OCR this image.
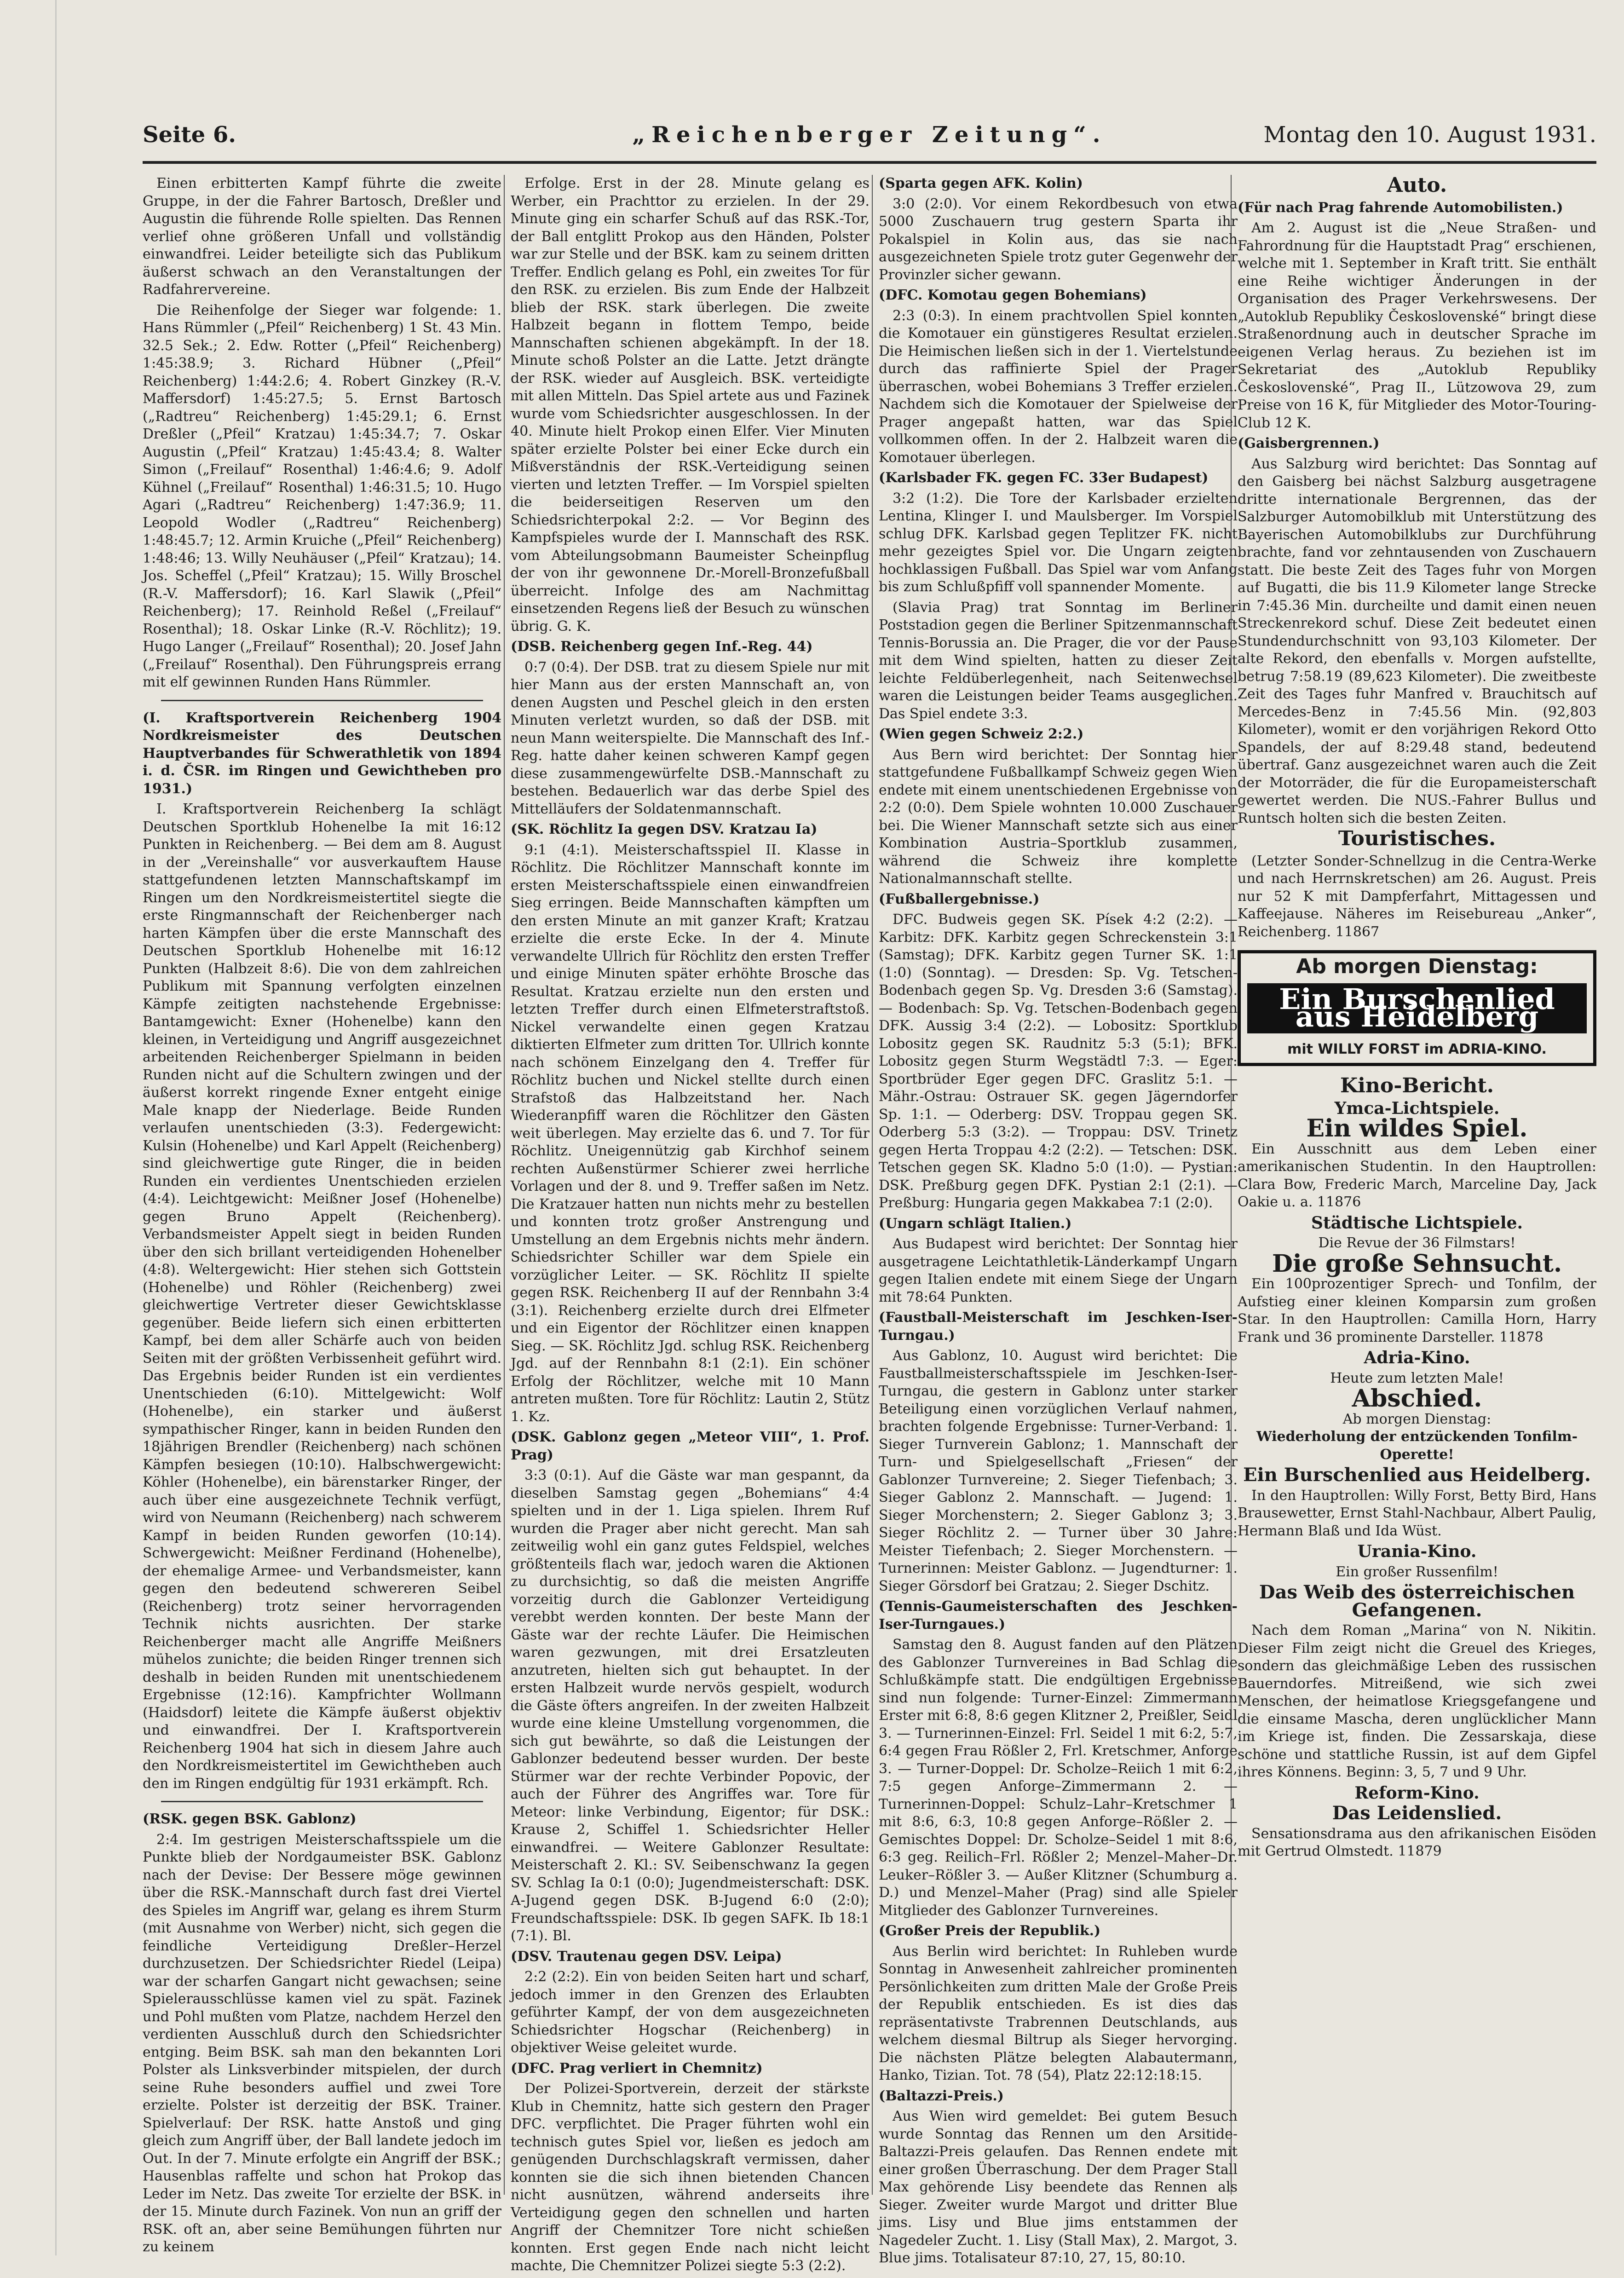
Seite 6.	„Reichenberger Zeitung“.	Montag den 10. August 1931.

Einen erbitterten Kampf führte die zweite Gruppe, in der die Fahrer Bartosch, Dreßler und Augustin die führende Rolle spielten. Das Rennen verlief ohne größeren Unfall und vollständig einwandfrei. Leider beteiligte sich das Publikum äußerst schwach an den Veranstaltungen der Radfahrervereine.

Die Reihenfolge der Sieger war folgende: 1. Hans Rümmler („Pfeil“ Reichenberg) 1 St. 43 Min. 32.5 Sek.; 2. Edw. Rotter („Pfeil“ Reichenberg) 1:45:38.9; 3. Richard Hübner („Pfeil“ Reichenberg) 1:44:2.6; 4. Robert Ginzkey (R.-V. Maffersdorf) 1:45:27.5; 5. Ernst Bartosch („Radtreu“ Reichenberg) 1:45:29.1; 6. Ernst Dreßler („Pfeil“ Kratzau) 1:45:34.7; 7. Oskar Augustin („Pfeil“ Kratzau) 1:45:43.4; 8. Walter Simon („Freilauf“ Rosenthal) 1:46:4.6; 9. Adolf Kühnel („Freilauf“ Rosenthal) 1:46:31.5; 10. Hugo Agari („Radtreu“ Reichenberg) 1:47:36.9; 11. Leopold Wodler („Radtreu“ Reichenberg) 1:48:45.7; 12. Armin Kruiche („Pfeil“ Reichenberg) 1:48:46; 13. Willy Neuhäuser („Pfeil“ Kratzau); 14. Jos. Scheffel („Pfeil“ Kratzau); 15. Willy Broschel (R.-V. Maffersdorf); 16. Karl Slawik („Pfeil“ Reichenberg); 17. Reinhold Reßel („Freilauf“ Rosenthal); 18. Oskar Linke (R.-V. Röchlitz); 19. Hugo Langer („Freilauf“ Rosenthal); 20. Josef Jahn („Freilauf“ Rosenthal). Den Führungspreis errang mit elf gewinnen Runden Hans Rümmler.

(I. Kraftsportverein Reichenberg 1904 Nordkreismeister des Deutschen Hauptverbandes für Schwerathletik von 1894 i. d. ČSR. im Ringen und Gewichtheben pro 1931.)

I. Kraftsportverein Reichenberg Ia schlägt Deutschen Sportklub Hohenelbe Ia mit 16:12 Punkten in Reichenberg. — Bei dem am 8. August in der „Vereinshalle“ vor ausverkauftem Hause stattgefundenen letzten Mannschaftskampf im Ringen um den Nordkreismeistertitel siegte die erste Ringmannschaft der Reichenberger nach harten Kämpfen über die erste Mannschaft des Deutschen Sportklub Hohenelbe mit 16:12 Punkten (Halbzeit 8:6). Die von dem zahlreichen Publikum mit Spannung verfolgten einzelnen Kämpfe zeitigten nachstehende Ergebnisse: Bantamgewicht: Exner (Hohenelbe) kann den kleinen, in Verteidigung und Angriff ausgezeichnet arbeitenden Reichenberger Spielmann in beiden Runden nicht auf die Schultern zwingen und der äußerst korrekt ringende Exner entgeht einige Male knapp der Niederlage. Beide Runden verlaufen unentschieden (3:3). Federgewicht: Kulsin (Hohenelbe) und Karl Appelt (Reichenberg) sind gleichwertige gute Ringer, die in beiden Runden ein verdientes Unentschieden erzielen (4:4). Leichtgewicht: Meißner Josef (Hohenelbe) gegen Bruno Appelt (Reichenberg). Verbandsmeister Appelt siegt in beiden Runden über den sich brillant verteidigenden Hohenelber (4:8). Weltergewicht: Hier stehen sich Gottstein (Hohenelbe) und Röhler (Reichenberg) zwei gleichwertige Vertreter dieser Gewichtsklasse gegenüber. Beide liefern sich einen erbitterten Kampf, bei dem aller Schärfe auch von beiden Seiten mit der größten Verbissenheit geführt wird. Das Ergebnis beider Runden ist ein verdientes Unentschieden (6:10). Mittelgewicht: Wolf (Hohenelbe), ein starker und äußerst sympathischer Ringer, kann in beiden Runden den 18jährigen Brendler (Reichenberg) nach schönen Kämpfen besiegen (10:10). Halbschwergewicht: Köhler (Hohenelbe), ein bärenstarker Ringer, der auch über eine ausgezeichnete Technik verfügt, wird von Neumann (Reichenberg) nach schwerem Kampf in beiden Runden geworfen (10:14). Schwergewicht: Meißner Ferdinand (Hohenelbe), der ehemalige Armee- und Verbandsmeister, kann gegen den bedeutend schwereren Seibel (Reichenberg) trotz seiner hervorragenden Technik nichts ausrichten. Der starke Reichenberger macht alle Angriffe Meißners mühelos zunichte; die beiden Ringer trennen sich deshalb in beiden Runden mit unentschiedenem Ergebnisse (12:16). Kampfrichter Wollmann (Haidsdorf) leitete die Kämpfe äußerst objektiv und einwandfrei. Der I. Kraftsportverein Reichenberg 1904 hat sich in diesem Jahre auch den Nordkreismeistertitel im Gewichtheben auch den im Ringen endgültig für 1931 erkämpft. Rch.

(RSK. gegen BSK. Gablonz)

2:4. Im gestrigen Meisterschaftsspiele um die Punkte blieb der Nordgaumeister BSK. Gablonz nach der Devise: Der Bessere möge gewinnen über die RSK.-Mannschaft durch fast drei Viertel des Spieles im Angriff war, gelang es ihrem Sturm (mit Ausnahme von Werber) nicht, sich gegen die feindliche Verteidigung Dreßler–Herzel durchzusetzen. Der Schiedsrichter Riedel (Leipa) war der scharfen Gangart nicht gewachsen; seine Spielerausschlüsse kamen viel zu spät. Fazinek und Pohl mußten vom Platze, nachdem Herzel den verdienten Ausschluß durch den Schiedsrichter entging. Beim BSK. sah man den bekannten Lori Polster als Linksverbinder mitspielen, der durch seine Ruhe besonders auffiel und zwei Tore erzielte. Polster ist derzeitig der BSK. Trainer. Spielverlauf: Der RSK. hatte Anstoß und ging gleich zum Angriff über, der Ball landete jedoch im Out. In der 7. Minute erfolgte ein Angriff der BSK.; Hausenblas raffelte und schon hat Prokop das Leder im Netz. Das zweite Tor erzielte der BSK. in der 15. Minute durch Fazinek. Von nun an griff der RSK. oft an, aber seine Bemühungen führten nur zu keinem

Erfolge. Erst in der 28. Minute gelang es Werber, ein Prachttor zu erzielen. In der 29. Minute ging ein scharfer Schuß auf das RSK.-Tor, der Ball entglitt Prokop aus den Händen, Polster war zur Stelle und der BSK. kam zu seinem dritten Treffer. Endlich gelang es Pohl, ein zweites Tor für den RSK. zu erzielen. Bis zum Ende der Halbzeit blieb der RSK. stark überlegen. Die zweite Halbzeit begann in flottem Tempo, beide Mannschaften schienen abgekämpft. In der 18. Minute schoß Polster an die Latte. Jetzt drängte der RSK. wieder auf Ausgleich. BSK. verteidigte mit allen Mitteln. Das Spiel artete aus und Fazinek wurde vom Schiedsrichter ausgeschlossen. In der 40. Minute hielt Prokop einen Elfer. Vier Minuten später erzielte Polster bei einer Ecke durch ein Mißverständnis der RSK.-Verteidigung seinen vierten und letzten Treffer. — Im Vorspiel spielten die beiderseitigen Reserven um den Schiedsrichterpokal 2:2. — Vor Beginn des Kampfspieles wurde der I. Mannschaft des RSK. vom Abteilungsobmann Baumeister Scheinpflug der von ihr gewonnene Dr.-Morell-Bronzefußball überreicht. Infolge des am Nachmittag einsetzenden Regens ließ der Besuch zu wünschen übrig. G. K.

(DSB. Reichenberg gegen Inf.-Reg. 44)

0:7 (0:4). Der DSB. trat zu diesem Spiele nur mit hier Mann aus der ersten Mannschaft an, von denen Augsten und Peschel gleich in den ersten Minuten verletzt wurden, so daß der DSB. mit neun Mann weiterspielte. Die Mannschaft des Inf.-Reg. hatte daher keinen schweren Kampf gegen diese zusammengewürfelte DSB.-Mannschaft zu bestehen. Bedauerlich war das derbe Spiel des Mittelläufers der Soldatenmannschaft.

(SK. Röchlitz Ia gegen DSV. Kratzau Ia)

9:1 (4:1). Meisterschaftsspiel II. Klasse in Röchlitz. Die Röchlitzer Mannschaft konnte im ersten Meisterschaftsspiele einen einwandfreien Sieg erringen. Beide Mannschaften kämpften um den ersten Minute an mit ganzer Kraft; Kratzau erzielte die erste Ecke. In der 4. Minute verwandelte Ullrich für Röchlitz den ersten Treffer und einige Minuten später erhöhte Brosche das Resultat. Kratzau erzielte nun den ersten und letzten Treffer durch einen Elfmeterstraftstoß. Nickel verwandelte einen gegen Kratzau diktierten Elfmeter zum dritten Tor. Ullrich konnte nach schönem Einzelgang den 4. Treffer für Röchlitz buchen und Nickel stellte durch einen Strafstoß das Halbzeitstand her. Nach Wiederanpfiff waren die Röchlitzer den Gästen weit überlegen. May erzielte das 6. und 7. Tor für Röchlitz. Uneigennützig gab Kirchhof seinem rechten Außenstürmer Schierer zwei herrliche Vorlagen und der 8. und 9. Treffer saßen im Netz. Die Kratzauer hatten nun nichts mehr zu bestellen und konnten trotz großer Anstrengung und Umstellung an dem Ergebnis nichts mehr ändern. Schiedsrichter Schiller war dem Spiele ein vorzüglicher Leiter. — SK. Röchlitz II spielte gegen RSK. Reichenberg II auf der Rennbahn 3:4 (3:1). Reichenberg erzielte durch drei Elfmeter und ein Eigentor der Röchlitzer einen knappen Sieg. — SK. Röchlitz Jgd. schlug RSK. Reichenberg Jgd. auf der Rennbahn 8:1 (2:1). Ein schöner Erfolg der Röchlitzer, welche mit 10 Mann antreten mußten. Tore für Röchlitz: Lautin 2, Stütz 1. Kz.

(DSK. Gablonz gegen „Meteor VIII“, 1. Prof. Prag)

3:3 (0:1). Auf die Gäste war man gespannt, da dieselben Samstag gegen „Bohemians“ 4:4 spielten und in der 1. Liga spielen. Ihrem Ruf wurden die Prager aber nicht gerecht. Man sah zeitweilig wohl ein ganz gutes Feldspiel, welches größtenteils flach war, jedoch waren die Aktionen zu durchsichtig, so daß die meisten Angriffe vorzeitig durch die Gablonzer Verteidigung verebbt werden konnten. Der beste Mann der Gäste war der rechte Läufer. Die Heimischen waren gezwungen, mit drei Ersatzleuten anzutreten, hielten sich gut behauptet. In der ersten Halbzeit wurde nervös gespielt, wodurch die Gäste öfters angreifen. In der zweiten Halbzeit wurde eine kleine Umstellung vorgenommen, die sich gut bewährte, so daß die Leistungen der Gablonzer bedeutend besser wurden. Der beste Stürmer war der rechte Verbinder Popovic, der auch der Führer des Angriffes war. Tore für Meteor: linke Verbindung, Eigentor; für DSK.: Krause 2, Schiffel 1. Schiedsrichter Heller einwandfrei. — Weitere Gablonzer Resultate: Meisterschaft 2. Kl.: SV. Seibenschwanz Ia gegen SV. Schlag Ia 0:1 (0:0); Jugendmeisterschaft: DSK. A-Jugend gegen DSK. B-Jugend 6:0 (2:0); Freundschaftsspiele: DSK. Ib gegen SAFK. Ib 18:1 (7:1). Bl.

(DSV. Trautenau gegen DSV. Leipa)

2:2 (2:2). Ein von beiden Seiten hart und scharf, jedoch immer in den Grenzen des Erlaubten geführter Kampf, der von dem ausgezeichneten Schiedsrichter Hogschar (Reichenberg) in objektiver Weise geleitet wurde.

(DFC. Prag verliert in Chemnitz)

Der Polizei-Sportverein, derzeit der stärkste Klub in Chemnitz, hatte sich gestern den Prager DFC. verpflichtet. Die Prager führten wohl ein technisch gutes Spiel vor, ließen es jedoch am genügenden Durchschlagskraft vermissen, daher konnten sie die sich ihnen bietenden Chancen nicht ausnützen, während anderseits ihre Verteidigung gegen den schnellen und harten Angriff der Chemnitzer Tore nicht schießen konnten. Erst gegen Ende nach nicht leicht machte, Die Chemnitzer Polizei siegte 5:3 (2:2).

(Sparta gegen AFK. Kolin)

3:0 (2:0). Vor einem Rekordbesuch von etwa 5000 Zuschauern trug gestern Sparta ihr Pokalspiel in Kolin aus, das sie nach ausgezeichneten Spiele trotz guter Gegenwehr der Provinzler sicher gewann.

(DFC. Komotau gegen Bohemians)

2:3 (0:3). In einem prachtvollen Spiel konnten die Komotauer ein günstigeres Resultat erzielen. Die Heimischen ließen sich in der 1. Viertelstunde durch das raffinierte Spiel der Prager überraschen, wobei Bohemians 3 Treffer erzielen. Nachdem sich die Komotauer der Spielweise der Prager angepaßt hatten, war das Spiel vollkommen offen. In der 2. Halbzeit waren die Komotauer überlegen.

(Karlsbader FK. gegen FC. 33er Budapest)

3:2 (1:2). Die Tore der Karlsbader erzielten Lentina, Klinger I. und Maulsberger. Im Vorspiel schlug DFK. Karlsbad gegen Teplitzer FK. nicht mehr gezeigtes Spiel vor. Die Ungarn zeigten hochklassigen Fußball. Das Spiel war vom Anfang bis zum Schlußpfiff voll spannender Momente.

(Slavia Prag) trat Sonntag im Berliner Poststadion gegen die Berliner Spitzenmannschaft Tennis-Borussia an. Die Prager, die vor der Pause mit dem Wind spielten, hatten zu dieser Zeit leichte Feldüberlegenheit, nach Seitenwechsel waren die Leistungen beider Teams ausgeglichen. Das Spiel endete 3:3.

(Wien gegen Schweiz 2:2.)

Aus Bern wird berichtet: Der Sonntag hier stattgefundene Fußballkampf Schweiz gegen Wien endete mit einem unentschiedenen Ergebnisse von 2:2 (0:0). Dem Spiele wohnten 10.000 Zuschauer bei. Die Wiener Mannschaft setzte sich aus einer Kombination Austria–Sportklub zusammen, während die Schweiz ihre komplette Nationalmannschaft stellte.

(Fußballergebnisse.)

DFC. Budweis gegen SK. Písek 4:2 (2:2). — Karbitz: DFK. Karbitz gegen Schreckenstein 3:1 (Samstag); DFK. Karbitz gegen Turner SK. 1:1 (1:0) (Sonntag). — Dresden: Sp. Vg. Tetschen-Bodenbach gegen Sp. Vg. Dresden 3:6 (Samstag). — Bodenbach: Sp. Vg. Tetschen-Bodenbach gegen DFK. Aussig 3:4 (2:2). — Lobositz: Sportklub Lobositz gegen SK. Raudnitz 5:3 (5:1); BFK. Lobositz gegen Sturm Wegstädtl 7:3. — Eger: Sportbrüder Eger gegen DFC. Graslitz 5:1. — Mähr.-Ostrau: Ostrauer SK. gegen Jägerndorfer Sp. 1:1. — Oderberg: DSV. Troppau gegen SK. Oderberg 5:3 (3:2). — Troppau: DSV. Trinetz gegen Herta Troppau 4:2 (2:2). — Tetschen: DSK. Tetschen gegen SK. Kladno 5:0 (1:0). — Pystian: DSK. Preßburg gegen DFK. Pystian 2:1 (2:1). — Preßburg: Hungaria gegen Makkabea 7:1 (2:0).

(Ungarn schlägt Italien.)

Aus Budapest wird berichtet: Der Sonntag hier ausgetragene Leichtathletik-Länderkampf Ungarn gegen Italien endete mit einem Siege der Ungarn mit 78:64 Punkten.

(Faustball-Meisterschaft im Jeschken-Iser-Turngau.)

Aus Gablonz, 10. August wird berichtet: Die Faustballmeisterschaftsspiele im Jeschken-Iser-Turngau, die gestern in Gablonz unter starker Beteiligung einen vorzüglichen Verlauf nahmen, brachten folgende Ergebnisse: Turner-Verband: 1. Sieger Turnverein Gablonz; 1. Mannschaft der Turn- und Spielgesellschaft „Friesen“ der Gablonzer Turnvereine; 2. Sieger Tiefenbach; 3. Sieger Gablonz 2. Mannschaft. — Jugend: 1. Sieger Morchenstern; 2. Sieger Gablonz 3; 3. Sieger Röchlitz 2. — Turner über 30 Jahre: Meister Tiefenbach; 2. Sieger Morchenstern. — Turnerinnen: Meister Gablonz. — Jugendturner: 1. Sieger Görsdorf bei Gratzau; 2. Sieger Dschitz.

(Tennis-Gaumeisterschaften des Jeschken-Iser-Turngaues.)

Samstag den 8. August fanden auf den Plätzen des Gablonzer Turnvereines in Bad Schlag die Schlußkämpfe statt. Die endgültigen Ergebnisse sind nun folgende: Turner-Einzel: Zimmermann Erster mit 6:8, 8:6 gegen Klitzner 2, Preißler, Seidl 3. — Turnerinnen-Einzel: Frl. Seidel 1 mit 6:2, 5:7, 6:4 gegen Frau Rößler 2, Frl. Kretschmer, Anforge 3. — Turner-Doppel: Dr. Scholze–Reiich 1 mit 6:2, 7:5 gegen Anforge–Zimmermann 2. — Turnerinnen-Doppel: Schulz–Lahr–Kretschmer 1 mit 8:6, 6:3, 10:8 gegen Anforge–Rößler 2. — Gemischtes Doppel: Dr. Scholze–Seidel 1 mit 8:6, 6:3 geg. Reilich–Frl. Rößler 2; Menzel–Maher–Dr. Leuker–Rößler 3. — Außer Klitzner (Schumburg a. D.) und Menzel–Maher (Prag) sind alle Spieler Mitglieder des Gablonzer Turnvereines.

(Großer Preis der Republik.)

Aus Berlin wird berichtet: In Ruhleben wurde Sonntag in Anwesenheit zahlreicher prominenten Persönlichkeiten zum dritten Male der Große Preis der Republik entschieden. Es ist dies das repräsentativste Trabrennen Deutschlands, aus welchem diesmal Biltrup als Sieger hervorging. Die nächsten Plätze belegten Alabautermann, Hanko, Tizian. Tot. 78 (54), Platz 22:12:18:15.

(Baltazzi-Preis.)

Aus Wien wird gemeldet: Bei gutem Besuch wurde Sonntag das Rennen um den Arsitide-Baltazzi-Preis gelaufen. Das Rennen endete mit einer großen Überraschung. Der dem Prager Stall Max gehörende Lisy beendete das Rennen als Sieger. Zweiter wurde Margot und dritter Blue jims. Lisy und Blue jims entstammen der Nagedeler Zucht. 1. Lisy (Stall Max), 2. Margot, 3. Blue jims. Totalisateur 87:10, 27, 15, 80:10.

Auto.

(Für nach Prag fahrende Automobilisten.)

Am 2. August ist die „Neue Straßen- und Fahrordnung für die Hauptstadt Prag“ erschienen, welche mit 1. September in Kraft tritt. Sie enthält eine Reihe wichtiger Änderungen in der Organisation des Prager Verkehrswesens. Der „Autoklub Republiky Československé“ bringt diese Straßenordnung auch in deutscher Sprache im eigenen Verlag heraus. Zu beziehen ist im Sekretariat des „Autoklub Republiky Československé“, Prag II., Lützowova 29, zum Preise von 16 K, für Mitglieder des Motor-Touring-Club 12 K.

(Gaisbergrennen.)

Aus Salzburg wird berichtet: Das Sonntag auf den Gaisberg bei nächst Salzburg ausgetragene dritte internationale Bergrennen, das der Salzburger Automobilklub mit Unterstützung des Bayerischen Automobilklubs zur Durchführung brachte, fand vor zehntausenden von Zuschauern statt. Die beste Zeit des Tages fuhr von Morgen auf Bugatti, die bis 11.9 Kilometer lange Strecke in 7:45.36 Min. durcheilte und damit einen neuen Streckenrekord schuf. Diese Zeit bedeutet einen Stundendurchschnitt von 93,103 Kilometer. Der alte Rekord, den ebenfalls v. Morgen aufstellte, betrug 7:58.19 (89,623 Kilometer). Die zweitbeste Zeit des Tages fuhr Manfred v. Brauchitsch auf Mercedes-Benz in 7:45.56 Min. (92,803 Kilometer), womit er den vorjährigen Rekord Otto Spandels, der auf 8:29.48 stand, bedeutend übertraf. Ganz ausgezeichnet waren auch die Zeit der Motorräder, die für die Europameisterschaft gewertet werden. Die NUS.-Fahrer Bullus und Runtsch holten sich die besten Zeiten.

Touristisches.

(Letzter Sonder-Schnellzug in die Centra-Werke und nach Herrnskretschen) am 26. August. Preis nur 52 K mit Dampferfahrt, Mittagessen und Kaffeejause. Näheres im Reisebureau „Anker“, Reichenberg. 11867

Ab morgen Dienstag:
Ein Burschenlied aus Heidelberg
mit WILLY FORST im ADRIA-KINO.
Kino-Bericht.
Ymca-Lichtspiele.
Ein wildes Spiel.

Ein Ausschnitt aus dem Leben einer amerikanischen Studentin. In den Hauptrollen: Clara Bow, Frederic March, Marceline Day, Jack Oakie u. a. 11876

Städtische Lichtspiele.
Die Revue der 36 Filmstars!
Die große Sehnsucht.

Ein 100prozentiger Sprech- und Tonfilm, der Aufstieg einer kleinen Komparsin zum großen Star. In den Hauptrollen: Camilla Horn, Harry Frank und 36 prominente Darsteller. 11878

Adria-Kino.
Heute zum letzten Male!
Abschied.
Ab morgen Dienstag:
Wiederholung der entzückenden Tonfilm-Operette!
Ein Burschenlied aus Heidelberg.

In den Hauptrollen: Willy Forst, Betty Bird, Hans Brausewetter, Ernst Stahl-Nachbaur, Albert Paulig, Hermann Blaß und Ida Wüst.

Urania-Kino.
Ein großer Russenfilm!
Das Weib des österreichischen Gefangenen.

Nach dem Roman „Marina“ von N. Nikitin. Dieser Film zeigt nicht die Greuel des Krieges, sondern das gleichmäßige Leben des russischen Bauerndorfes. Mitreißend, wie sich zwei Menschen, der heimatlose Kriegsgefangene und die einsame Mascha, deren unglücklicher Mann im Kriege ist, finden. Die Zessarskaja, diese schöne und stattliche Russin, ist auf dem Gipfel ihres Könnens. Beginn: 3, 5, 7 und 9 Uhr.

Reform-Kino.
Das Leidenslied.

Sensationsdrama aus den afrikanischen Eisöden mit Gertrud Olmstedt. 11879
